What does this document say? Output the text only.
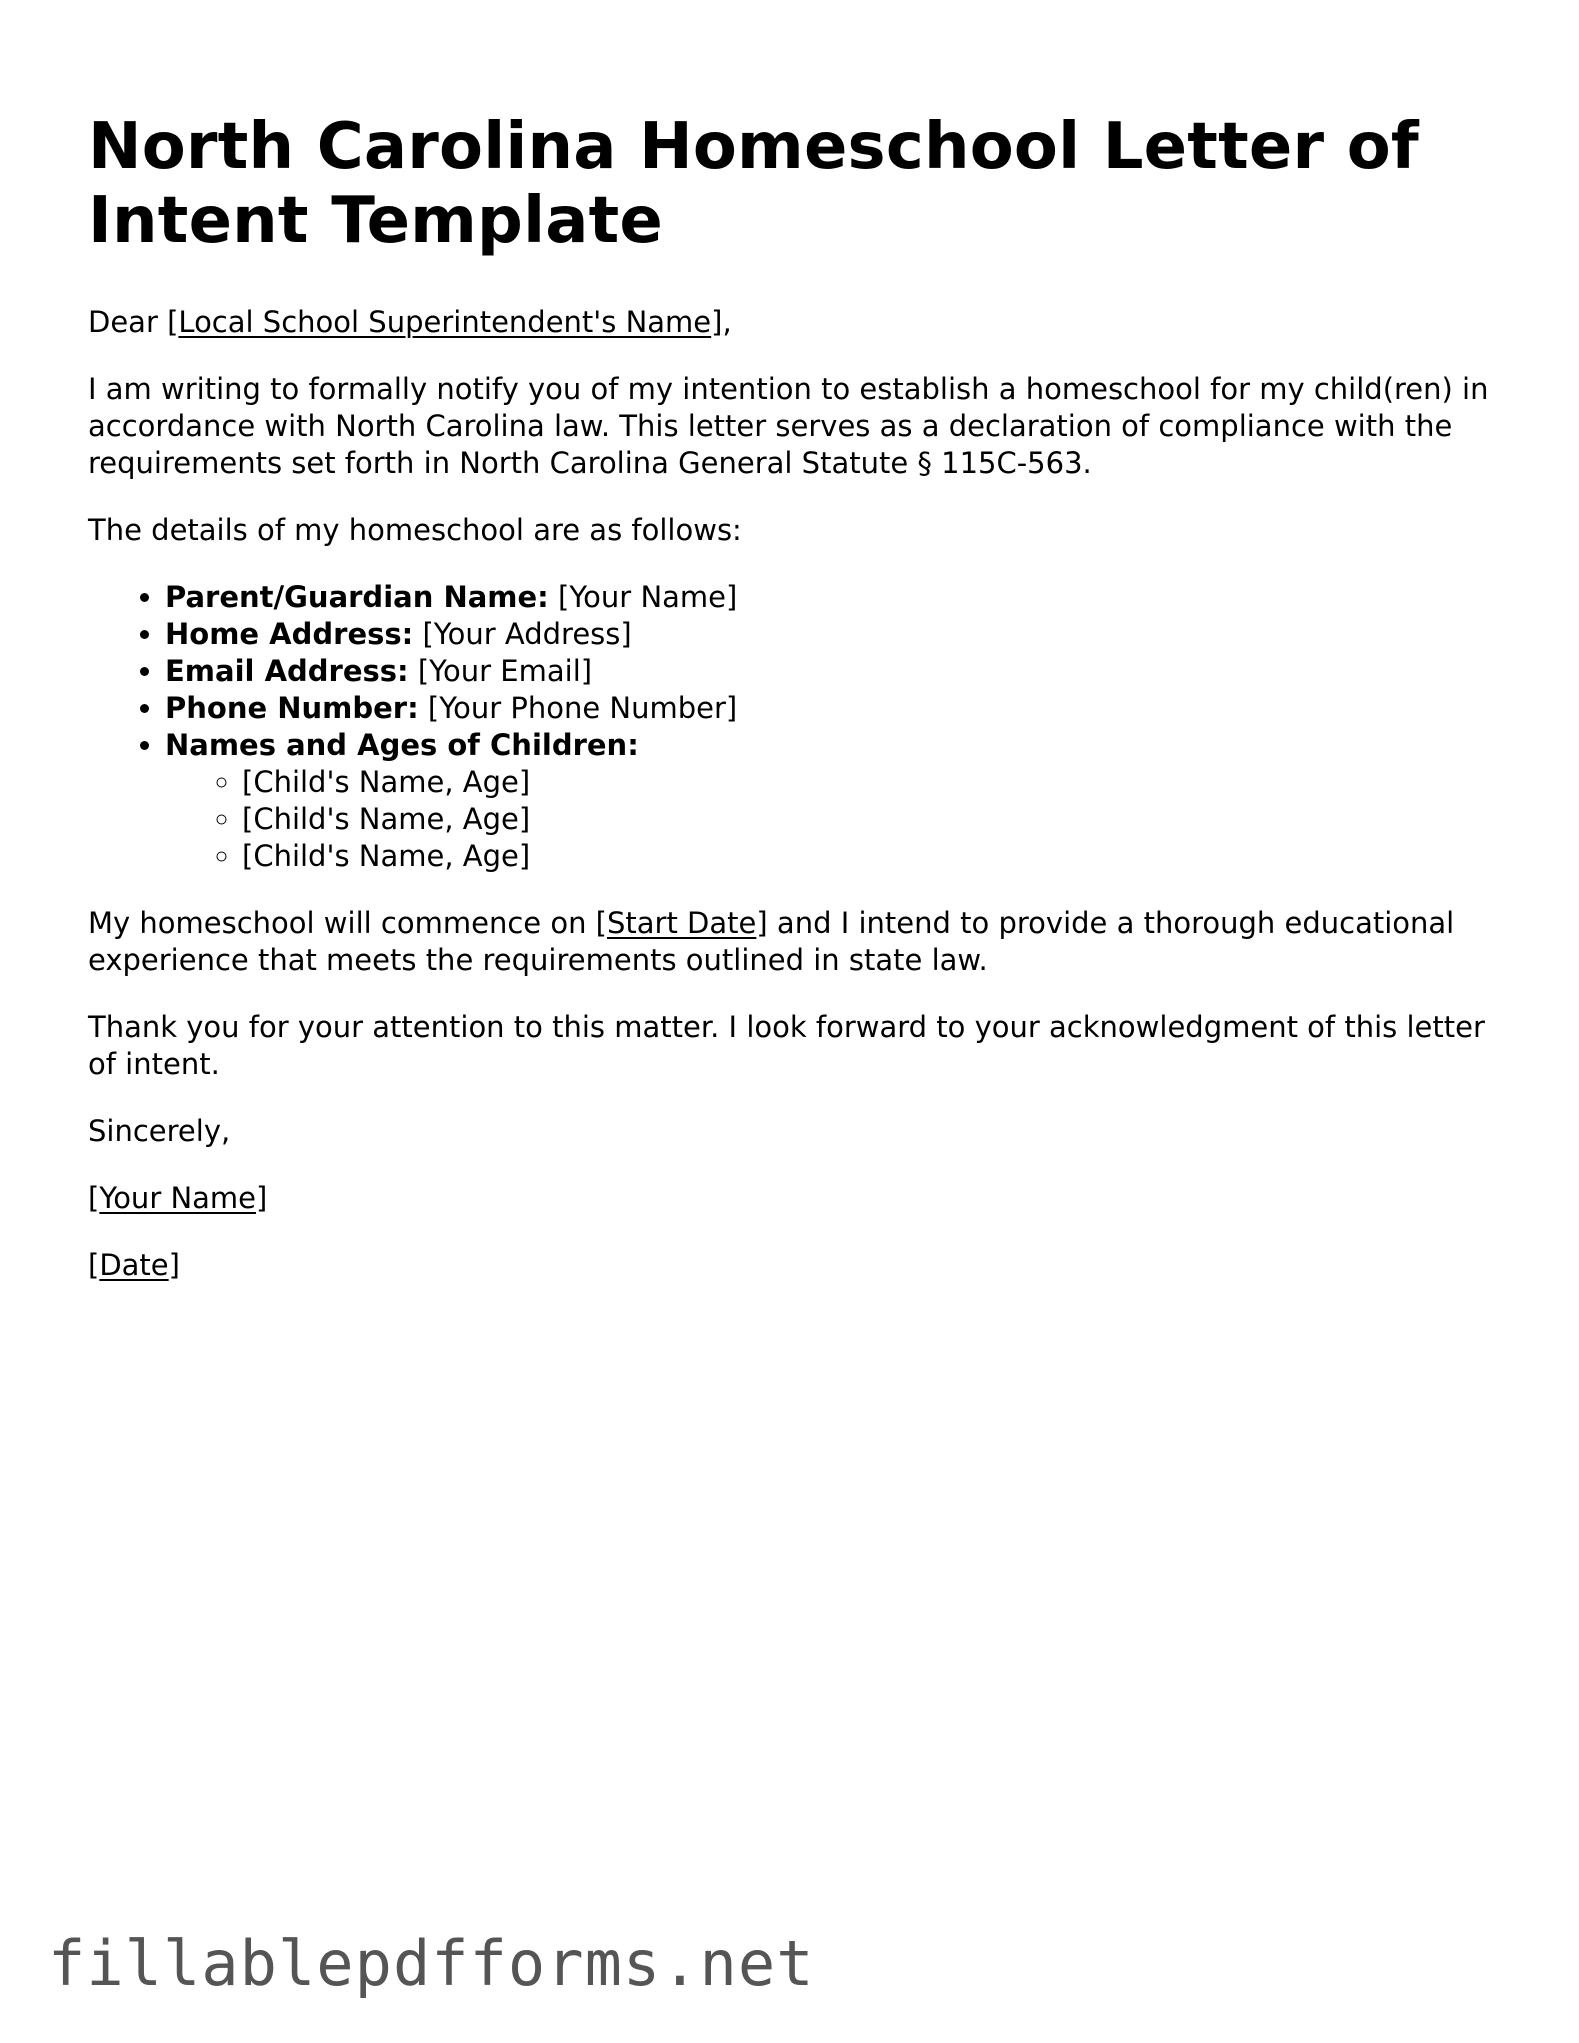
North Carolina Homeschool Letter of Intent Template

Dear [Local School Superintendent's Name],

I am writing to formally notify you of my intention to establish a homeschool for my child(ren) in accordance with North Carolina law. This letter serves as a declaration of compliance with the requirements set forth in North Carolina General Statute § 115C-563.

The details of my homeschool are as follows:

• Parent/Guardian Name: [Your Name]
• Home Address: [Your Address]
• Email Address: [Your Email]
• Phone Number: [Your Phone Number]
• Names and Ages of Children:
◦ [Child's Name, Age]
◦ [Child's Name, Age]
◦ [Child's Name, Age]

My homeschool will commence on [Start Date] and I intend to provide a thorough educational experience that meets the requirements outlined in state law.

Thank you for your attention to this matter. I look forward to your acknowledgment of this letter of intent.

Sincerely,

[Your Name]

[Date]

fillablepdfforms.net
